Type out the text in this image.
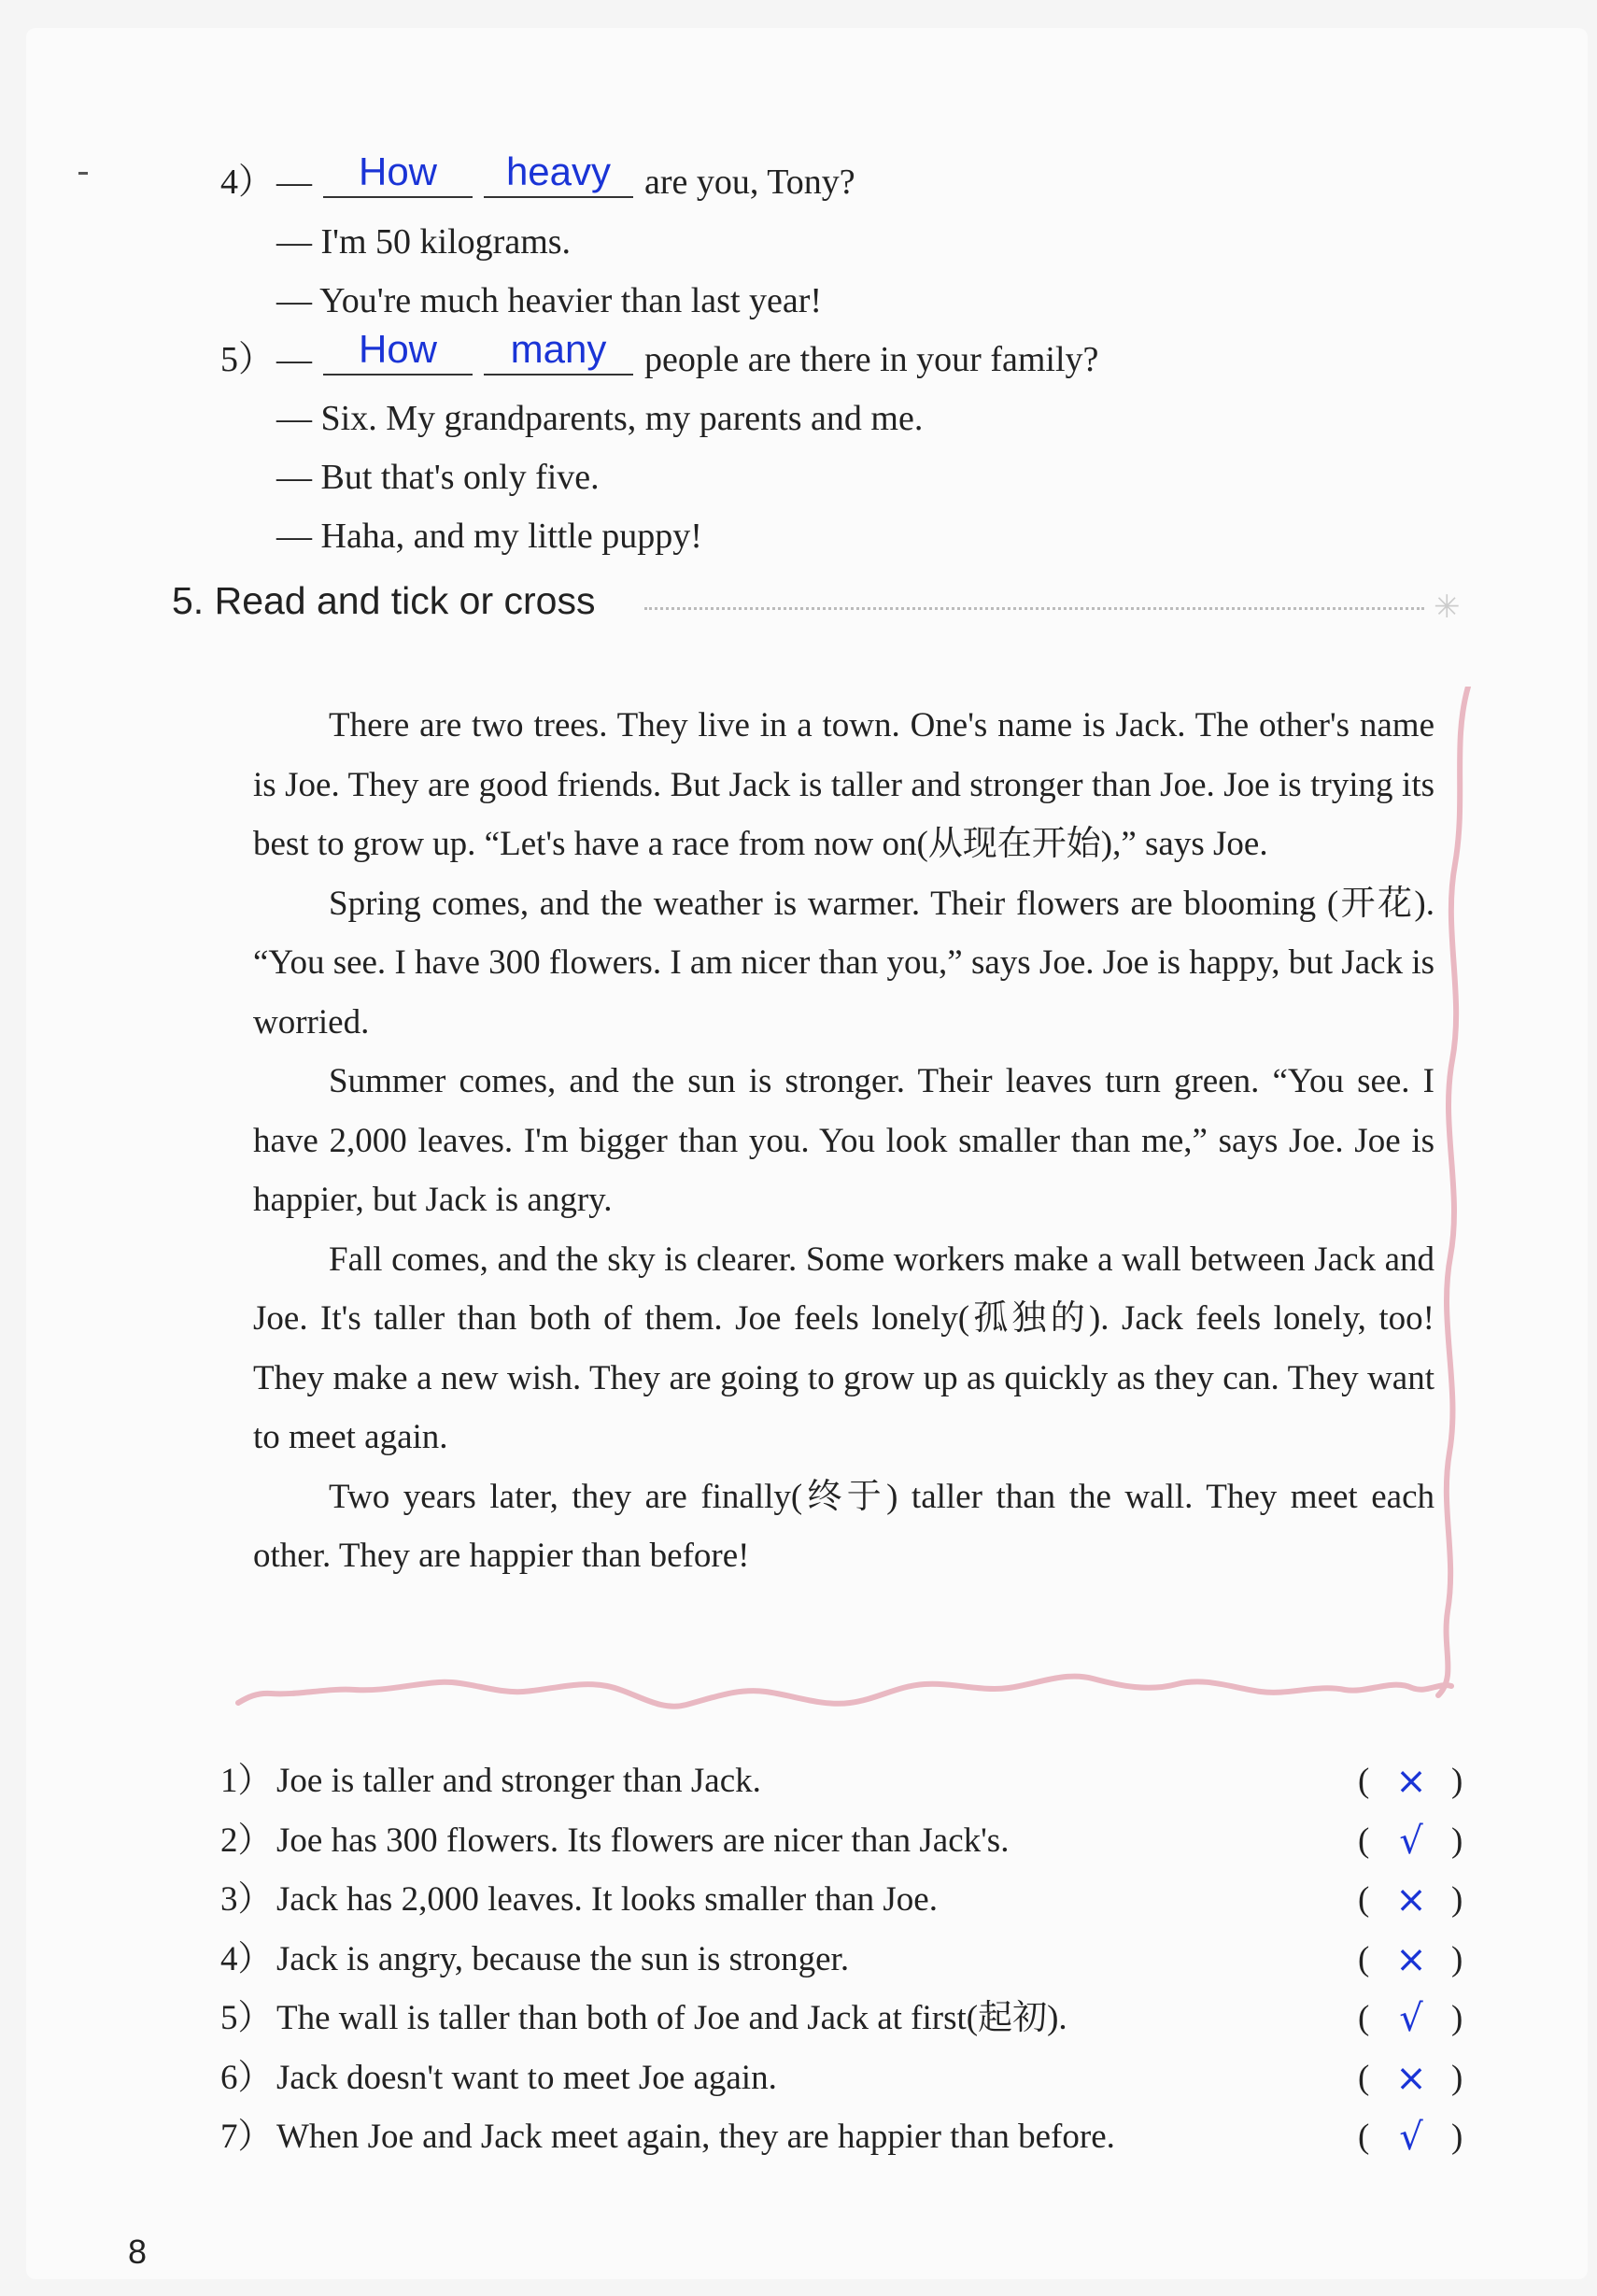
4） —	How	heavy are you, Tony?
— I'm 50 kilograms.
— You're much heavier than last year!
5） —	How	many	people are there in your family?
— Six. My grandparents, my parents and me.
— But that's only five.
— Haha, and my little puppy!
5. Read and tick or cross	✳

There are two trees. They live in a town. One's name is Jack. The other's name is Joe. They are good friends. But Jack is taller and stronger than Joe. Joe is trying its best to grow up. “Let's have a race from now on(从现在开始),” says Joe.

Spring comes, and the weather is warmer. Their flowers are blooming (开花). “You see. I have 300 flowers. I am nicer than you,” says Joe. Joe is happy, but Jack is worried.

Summer comes, and the sun is stronger. Their leaves turn green. “You see. I have 2,000 leaves. I'm bigger than you. You look smaller than me,” says Joe. Joe is happier, but Jack is angry.

Fall comes, and the sky is clearer. Some workers make a wall between Jack and Joe. It's taller than both of them. Joe feels lonely(孤独的). Jack feels lonely, too! They make a new wish. They are going to grow up as quickly as they can. They want to meet again.

Two years later, they are finally(终于) taller than the wall. They meet each other. They are happier than before!

1） Joe is taller and stronger than Jack.	( × )
2） Joe has 300 flowers. Its flowers are nicer than Jack's.	( √ )
3） Jack has 2,000 leaves. It looks smaller than Joe.	( × )
4） Jack is angry, because the sun is stronger.	( × )
5） The wall is taller than both of Joe and Jack at first(起初).	( √ )
6） Jack doesn't want to meet Joe again.	( × )
7） When Joe and Jack meet again, they are happier than before.	( √ )
8
